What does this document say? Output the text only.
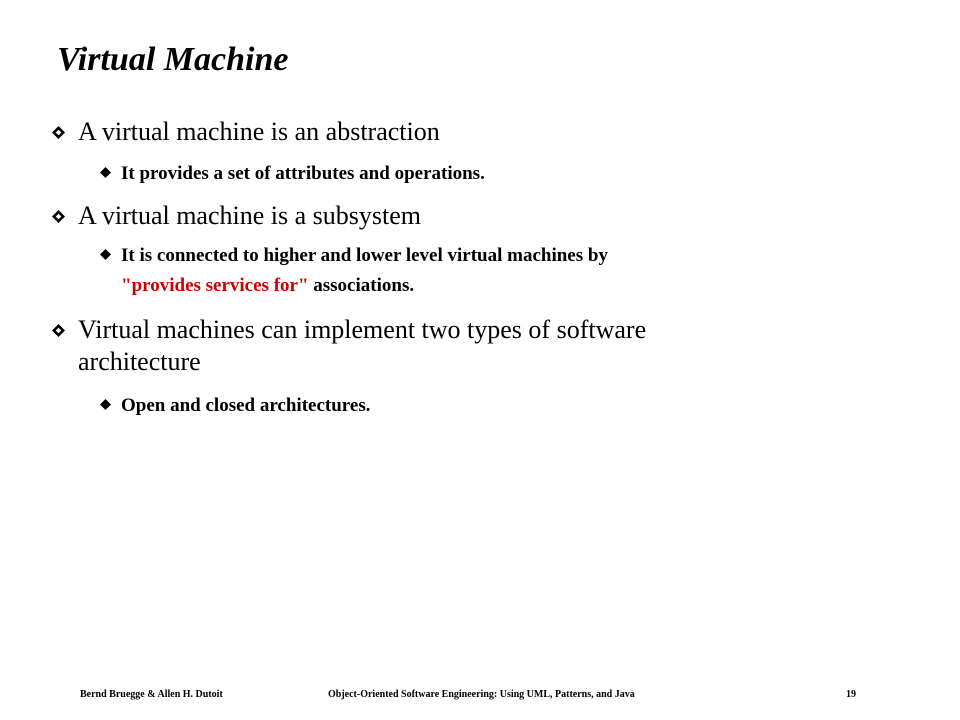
Virtual Machine
A virtual machine is an abstraction
It provides a set of attributes and operations.
A virtual machine is a subsystem
It is connected to higher and lower level virtual machines by
"provides services for" associations.
Virtual machines can implement two types of software
architecture
Open and closed architectures.
Bernd Bruegge & Allen H. Dutoit	Object-Oriented Software Engineering: Using UML, Patterns, and Java	19
